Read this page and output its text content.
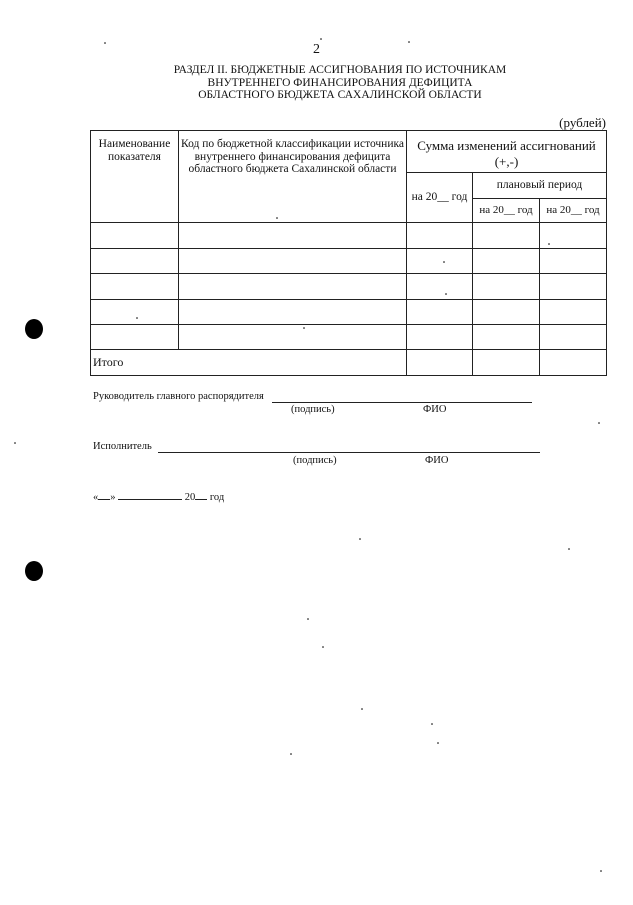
2
РАЗДЕЛ II. БЮДЖЕТНЫЕ АССИГНОВАНИЯ ПО ИСТОЧНИКАМ
ВНУТРЕННЕГО ФИНАНСИРОВАНИЯ ДЕФИЦИТА
ОБЛАСТНОГО БЮДЖЕТА САХАЛИНСКОЙ ОБЛАСТИ
(рублей)
Наименование показателя	Код по бюджетной классификации источника внутреннего финансирования дефицита областного бюджета Сахалинской области	Сумма изменений ассигнований (+,-)		
		на 20__ год	плановый период	
			на 20__ год	на 20__ год

Итого				
Руководитель главного распорядителя
(подпись)	ФИО
Исполнитель
(подпись)	ФИО
« »	20 год
